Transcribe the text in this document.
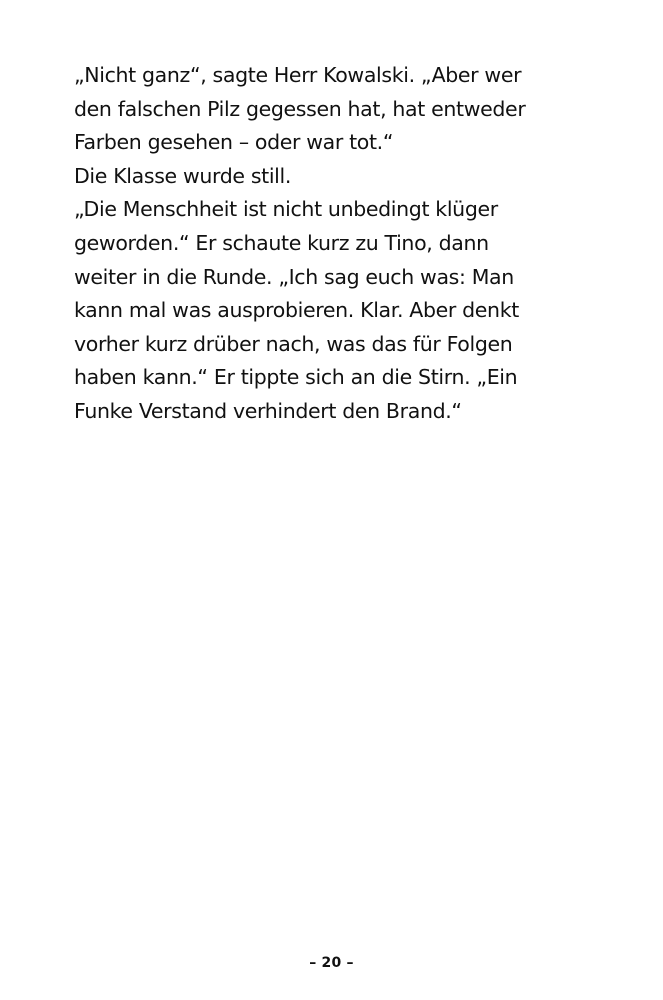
„Nicht ganz“, sagte Herr Kowalski. „Aber wer
den falschen Pilz gegessen hat, hat entweder
Farben gesehen – oder war tot.“
Die Klasse wurde still.
„Die Menschheit ist nicht unbedingt klüger
geworden.“ Er schaute kurz zu Tino, dann
weiter in die Runde. „Ich sag euch was: Man
kann mal was ausprobieren. Klar. Aber denkt
vorher kurz drüber nach, was das für Folgen
haben kann.“ Er tippte sich an die Stirn. „Ein
Funke Verstand verhindert den Brand.“
– 20 –
